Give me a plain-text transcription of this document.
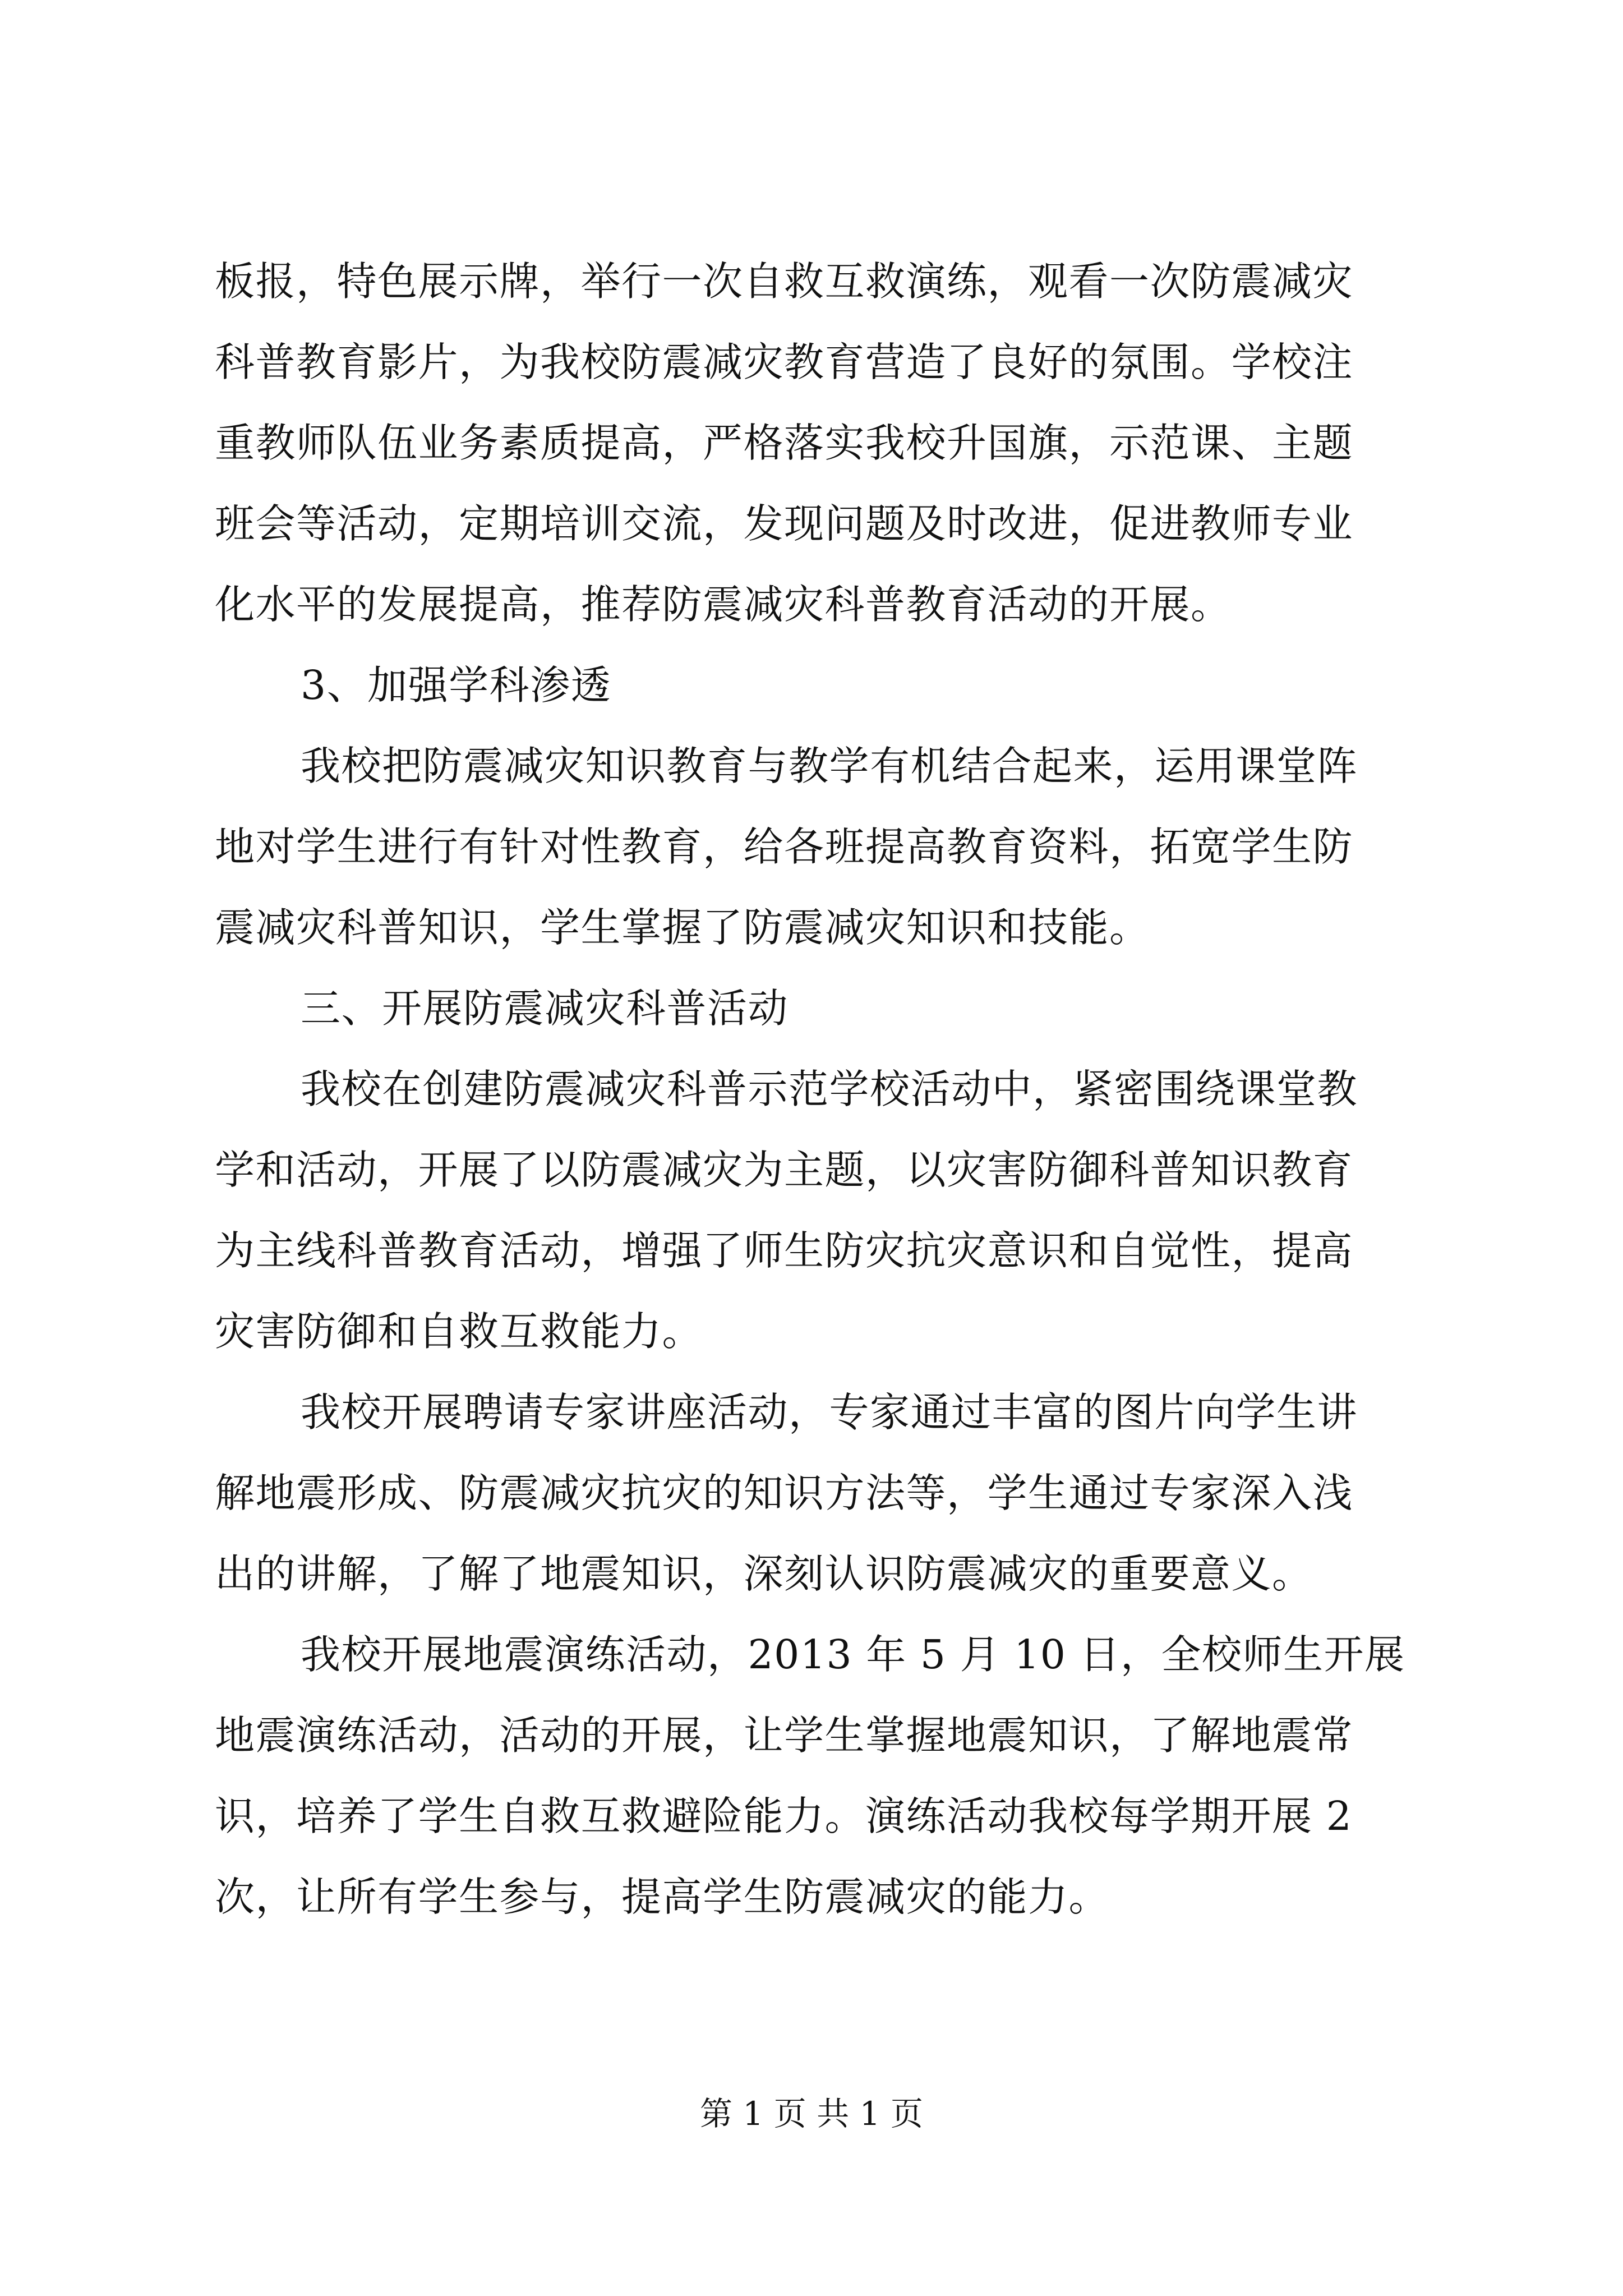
板报，特色展示牌，举行一次自救互救演练，观看一次防震减灾
科普教育影片，为我校防震减灾教育营造了良好的氛围。学校注
重教师队伍业务素质提高，严格落实我校升国旗，示范课、主题
班会等活动，定期培训交流，发现问题及时改进，促进教师专业
化水平的发展提高，推荐防震减灾科普教育活动的开展。
3、加强学科渗透
我校把防震减灾知识教育与教学有机结合起来，运用课堂阵
地对学生进行有针对性教育，给各班提高教育资料，拓宽学生防
震减灾科普知识，学生掌握了防震减灾知识和技能。
三、开展防震减灾科普活动
我校在创建防震减灾科普示范学校活动中，紧密围绕课堂教
学和活动，开展了以防震减灾为主题，以灾害防御科普知识教育
为主线科普教育活动，增强了师生防灾抗灾意识和自觉性，提高
灾害防御和自救互救能力。
我校开展聘请专家讲座活动，专家通过丰富的图片向学生讲
解地震形成、防震减灾抗灾的知识方法等，学生通过专家深入浅
出的讲解，了解了地震知识，深刻认识防震减灾的重要意义。
我校开展地震演练活动，2013 年 5 月 10 日，全校师生开展
地震演练活动，活动的开展，让学生掌握地震知识，了解地震常
识，培养了学生自救互救避险能力。演练活动我校每学期开展 2
次，让所有学生参与，提高学生防震减灾的能力。
第 1 页 共 1 页
